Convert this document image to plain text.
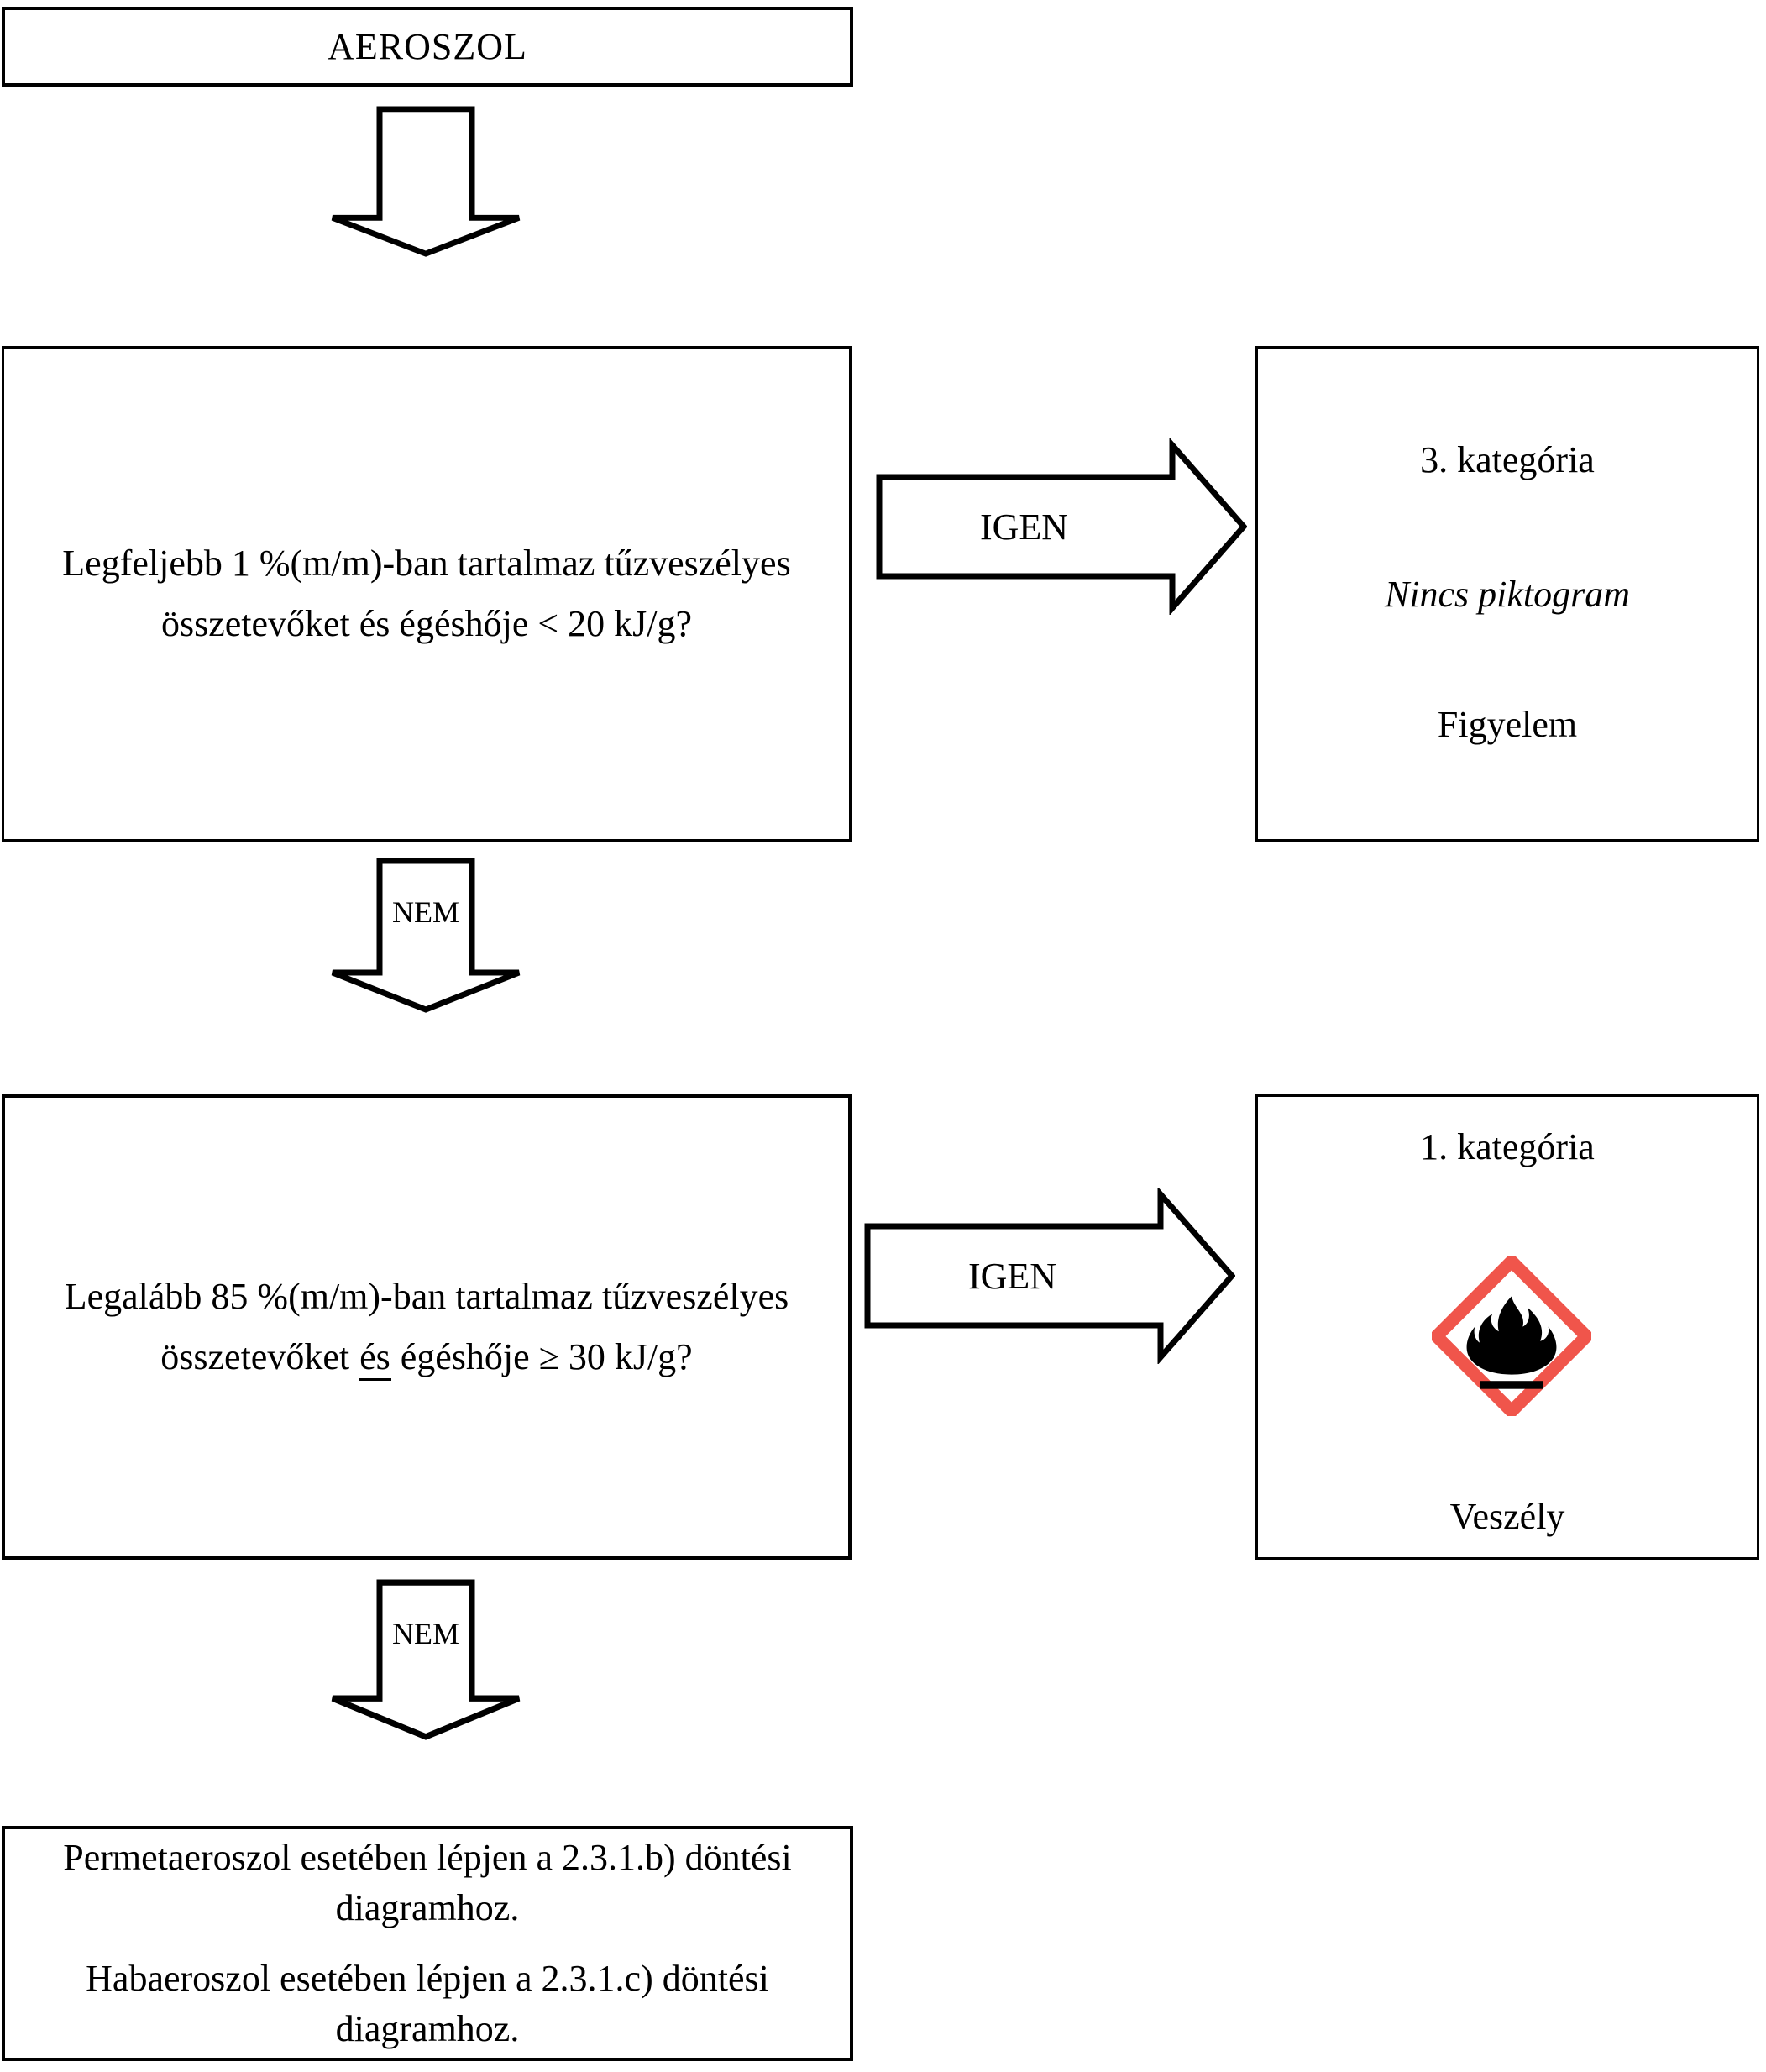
AEROSZOL
Legfeljebb 1 %(m/m)-ban tartalmaz tűzveszélyes
összetevőket és égéshője < 20 kJ/g?
IGEN
3. kategória
Nincs piktogram
Figyelem
NEM
Legalább 85 %(m/m)-ban tartalmaz tűzveszélyes
összetevőket és égéshője ≥ 30 kJ/g?
IGEN
1. kategória
Veszély
NEM
Permetaeroszol esetében lépjen a 2.3.1.b) döntési diagramhoz.
Habaeroszol esetében lépjen a 2.3.1.c) döntési diagramhoz.
